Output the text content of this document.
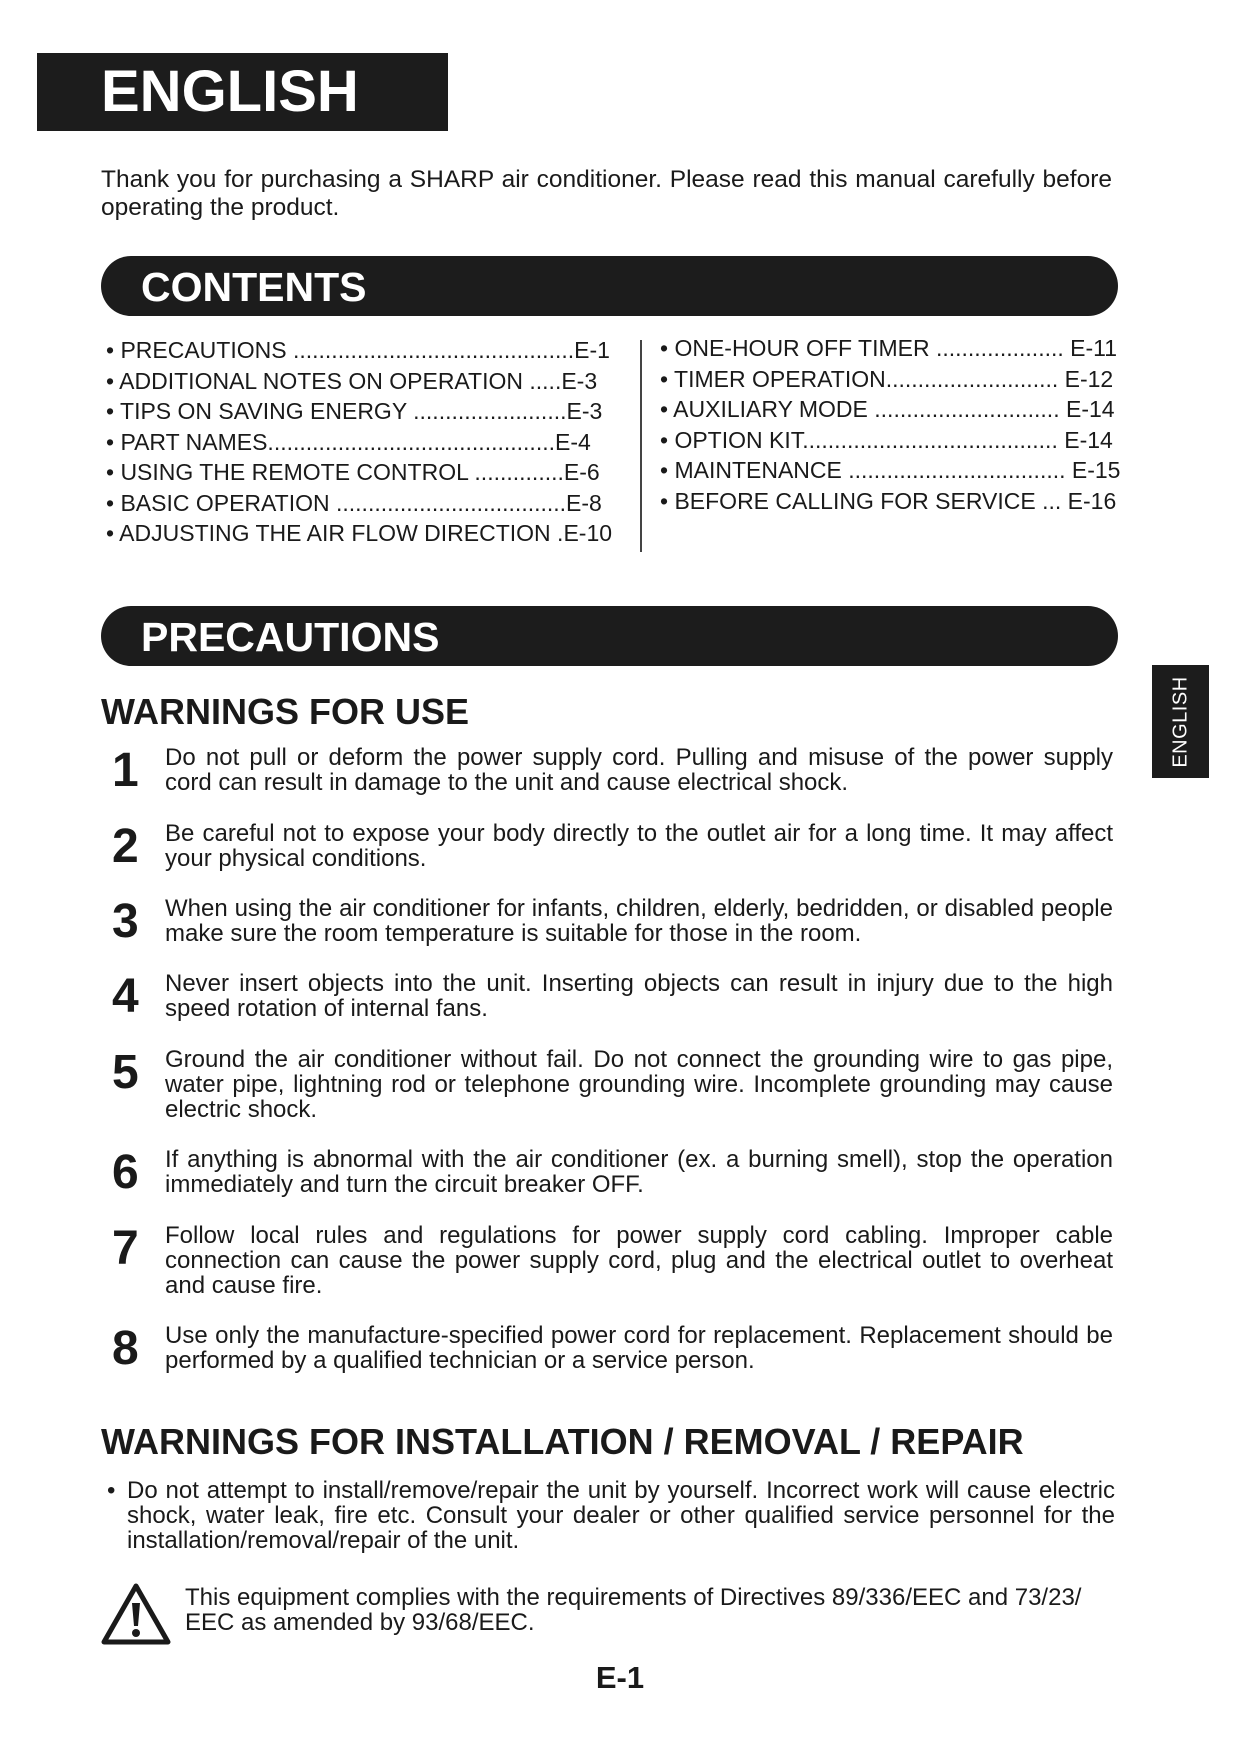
ENGLISH
Thank you for purchasing a SHARP air conditioner. Please read this manual carefully before operating the product.
CONTENTS
• PRECAUTIONS ............................................E-1
• ADDITIONAL NOTES ON OPERATION .....E-3
• TIPS ON SAVING ENERGY ........................E-3
• PART NAMES.............................................E-4
• USING THE REMOTE CONTROL ..............E-6
• BASIC OPERATION ....................................E-8
• ADJUSTING THE AIR FLOW DIRECTION .E-10
• ONE-HOUR OFF TIMER .................... E-11
• TIMER OPERATION........................... E-12
• AUXILIARY MODE ............................. E-14
• OPTION KIT........................................ E-14
• MAINTENANCE .................................. E-15
• BEFORE CALLING FOR SERVICE ... E-16
PRECAUTIONS
WARNINGS FOR USE
1	Do not pull or deform the power supply cord. Pulling and misuse of the power supply cord can result in damage to the unit and cause electrical shock.
2	Be careful not to expose your body directly to the outlet air for a long time. It may affect your physical conditions.
3	When using the air conditioner for infants, children, elderly, bedridden, or disabled people make sure the room temperature is suitable for those in the room.
4	Never insert objects into the unit. Inserting objects can result in injury due to the high speed rotation of internal fans.
5	Ground the air conditioner without fail. Do not connect the grounding wire to gas pipe, water pipe, lightning rod or telephone grounding wire. Incomplete grounding may cause electric shock.
6	If anything is abnormal with the air conditioner (ex. a burning smell), stop the operation immediately and turn the circuit breaker OFF.
7	Follow local rules and regulations for power supply cord cabling. Improper cable connection can cause the power supply cord, plug and the electrical outlet to overheat and cause fire.
8	Use only the manufacture-specified power cord for replacement. Replacement should be performed by a qualified technician or a service person.
WARNINGS FOR INSTALLATION / REMOVAL / REPAIR
• Do not attempt to install/remove/repair the unit by yourself. Incorrect work will cause electric shock, water leak, fire etc. Consult your dealer or other qualified service personnel for the installation/removal/repair of the unit.
This equipment complies with the requirements of Directives 89/336/EEC and 73/23/ EEC as amended by 93/68/EEC.
E-1
ENGLISH
